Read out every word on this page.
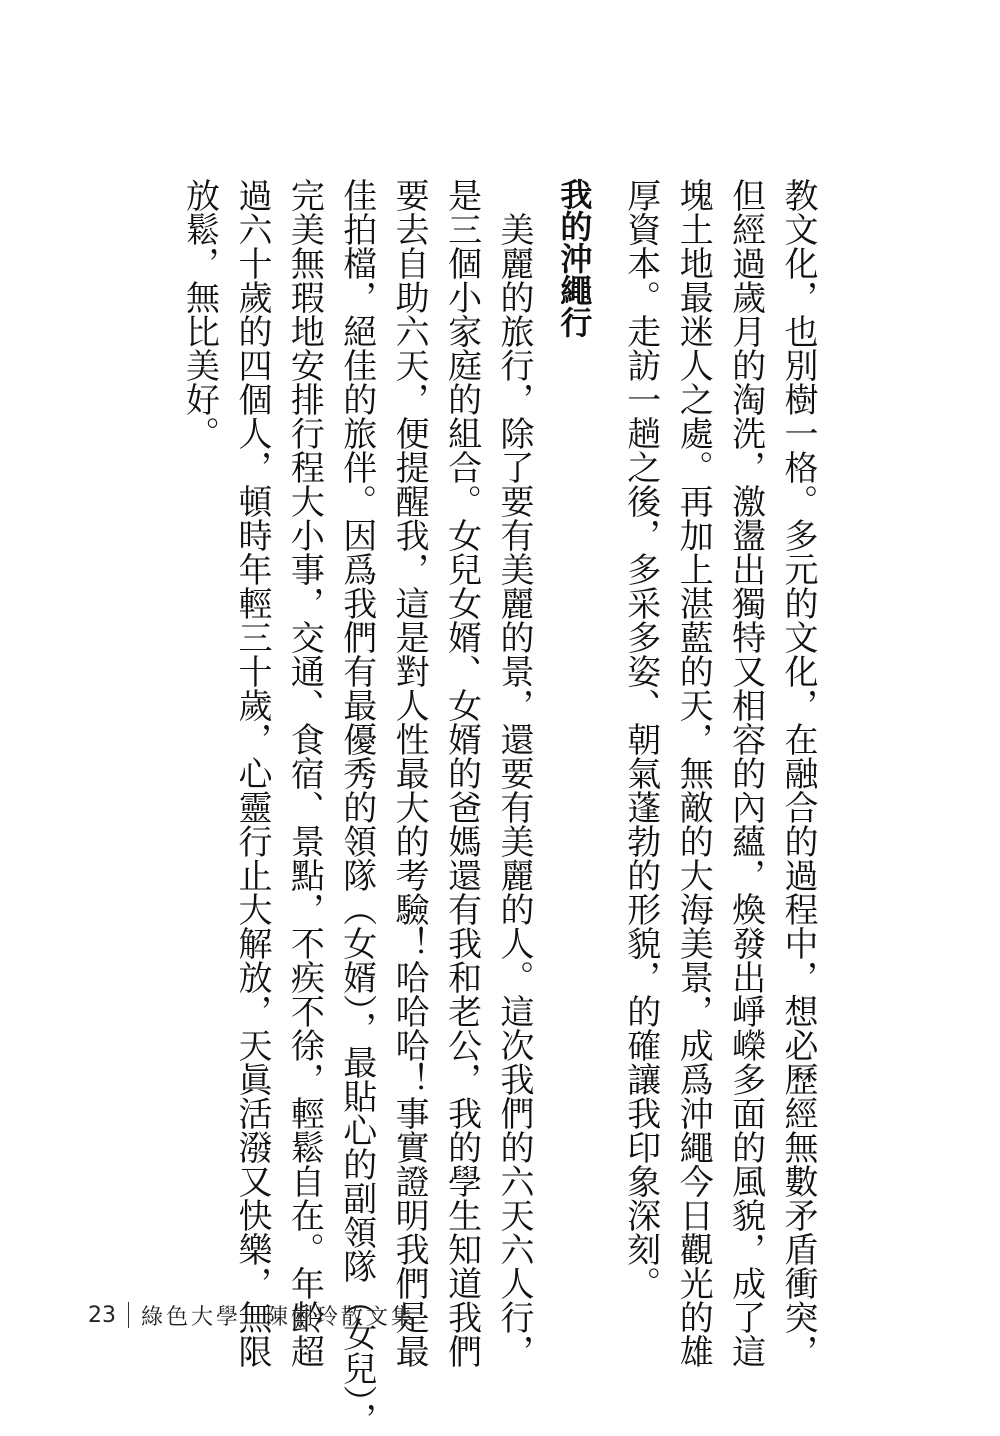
教文化，也別樹一格。多元的文化，在融合的過程中，想必歷經無數矛盾衝突，
但經過歲月的淘洗，激盪出獨特又相容的內蘊，煥發出崢嶸多面的風貌，成了這
塊土地最迷人之處。再加上湛藍的天，無敵的大海美景，成爲沖繩今日觀光的雄
厚資本。走訪一趟之後，多采多姿、朝氣蓬勃的形貌，的確讓我印象深刻。
我的沖繩行
　美麗的旅行，除了要有美麗的景，還要有美麗的人。這次我們的六天六人行，
是三個小家庭的組合。女兒女婿、女婿的爸媽還有我和老公，我的學生知道我們
要去自助六天，便提醒我，這是對人性最大的考驗！哈哈哈！事實證明我們是最
佳拍檔，絕佳的旅伴。因爲我們有最優秀的領隊（女婿），最貼心的副領隊（女兒），
完美無瑕地安排行程大小事，交通、食宿、景點，不疾不徐，輕鬆自在。年齡超
過六十歲的四個人，頓時年輕三十歲，心靈行止大解放，天眞活潑又快樂，無限
放鬆，無比美好。
23 綠色大學：陳俐玲散文集
